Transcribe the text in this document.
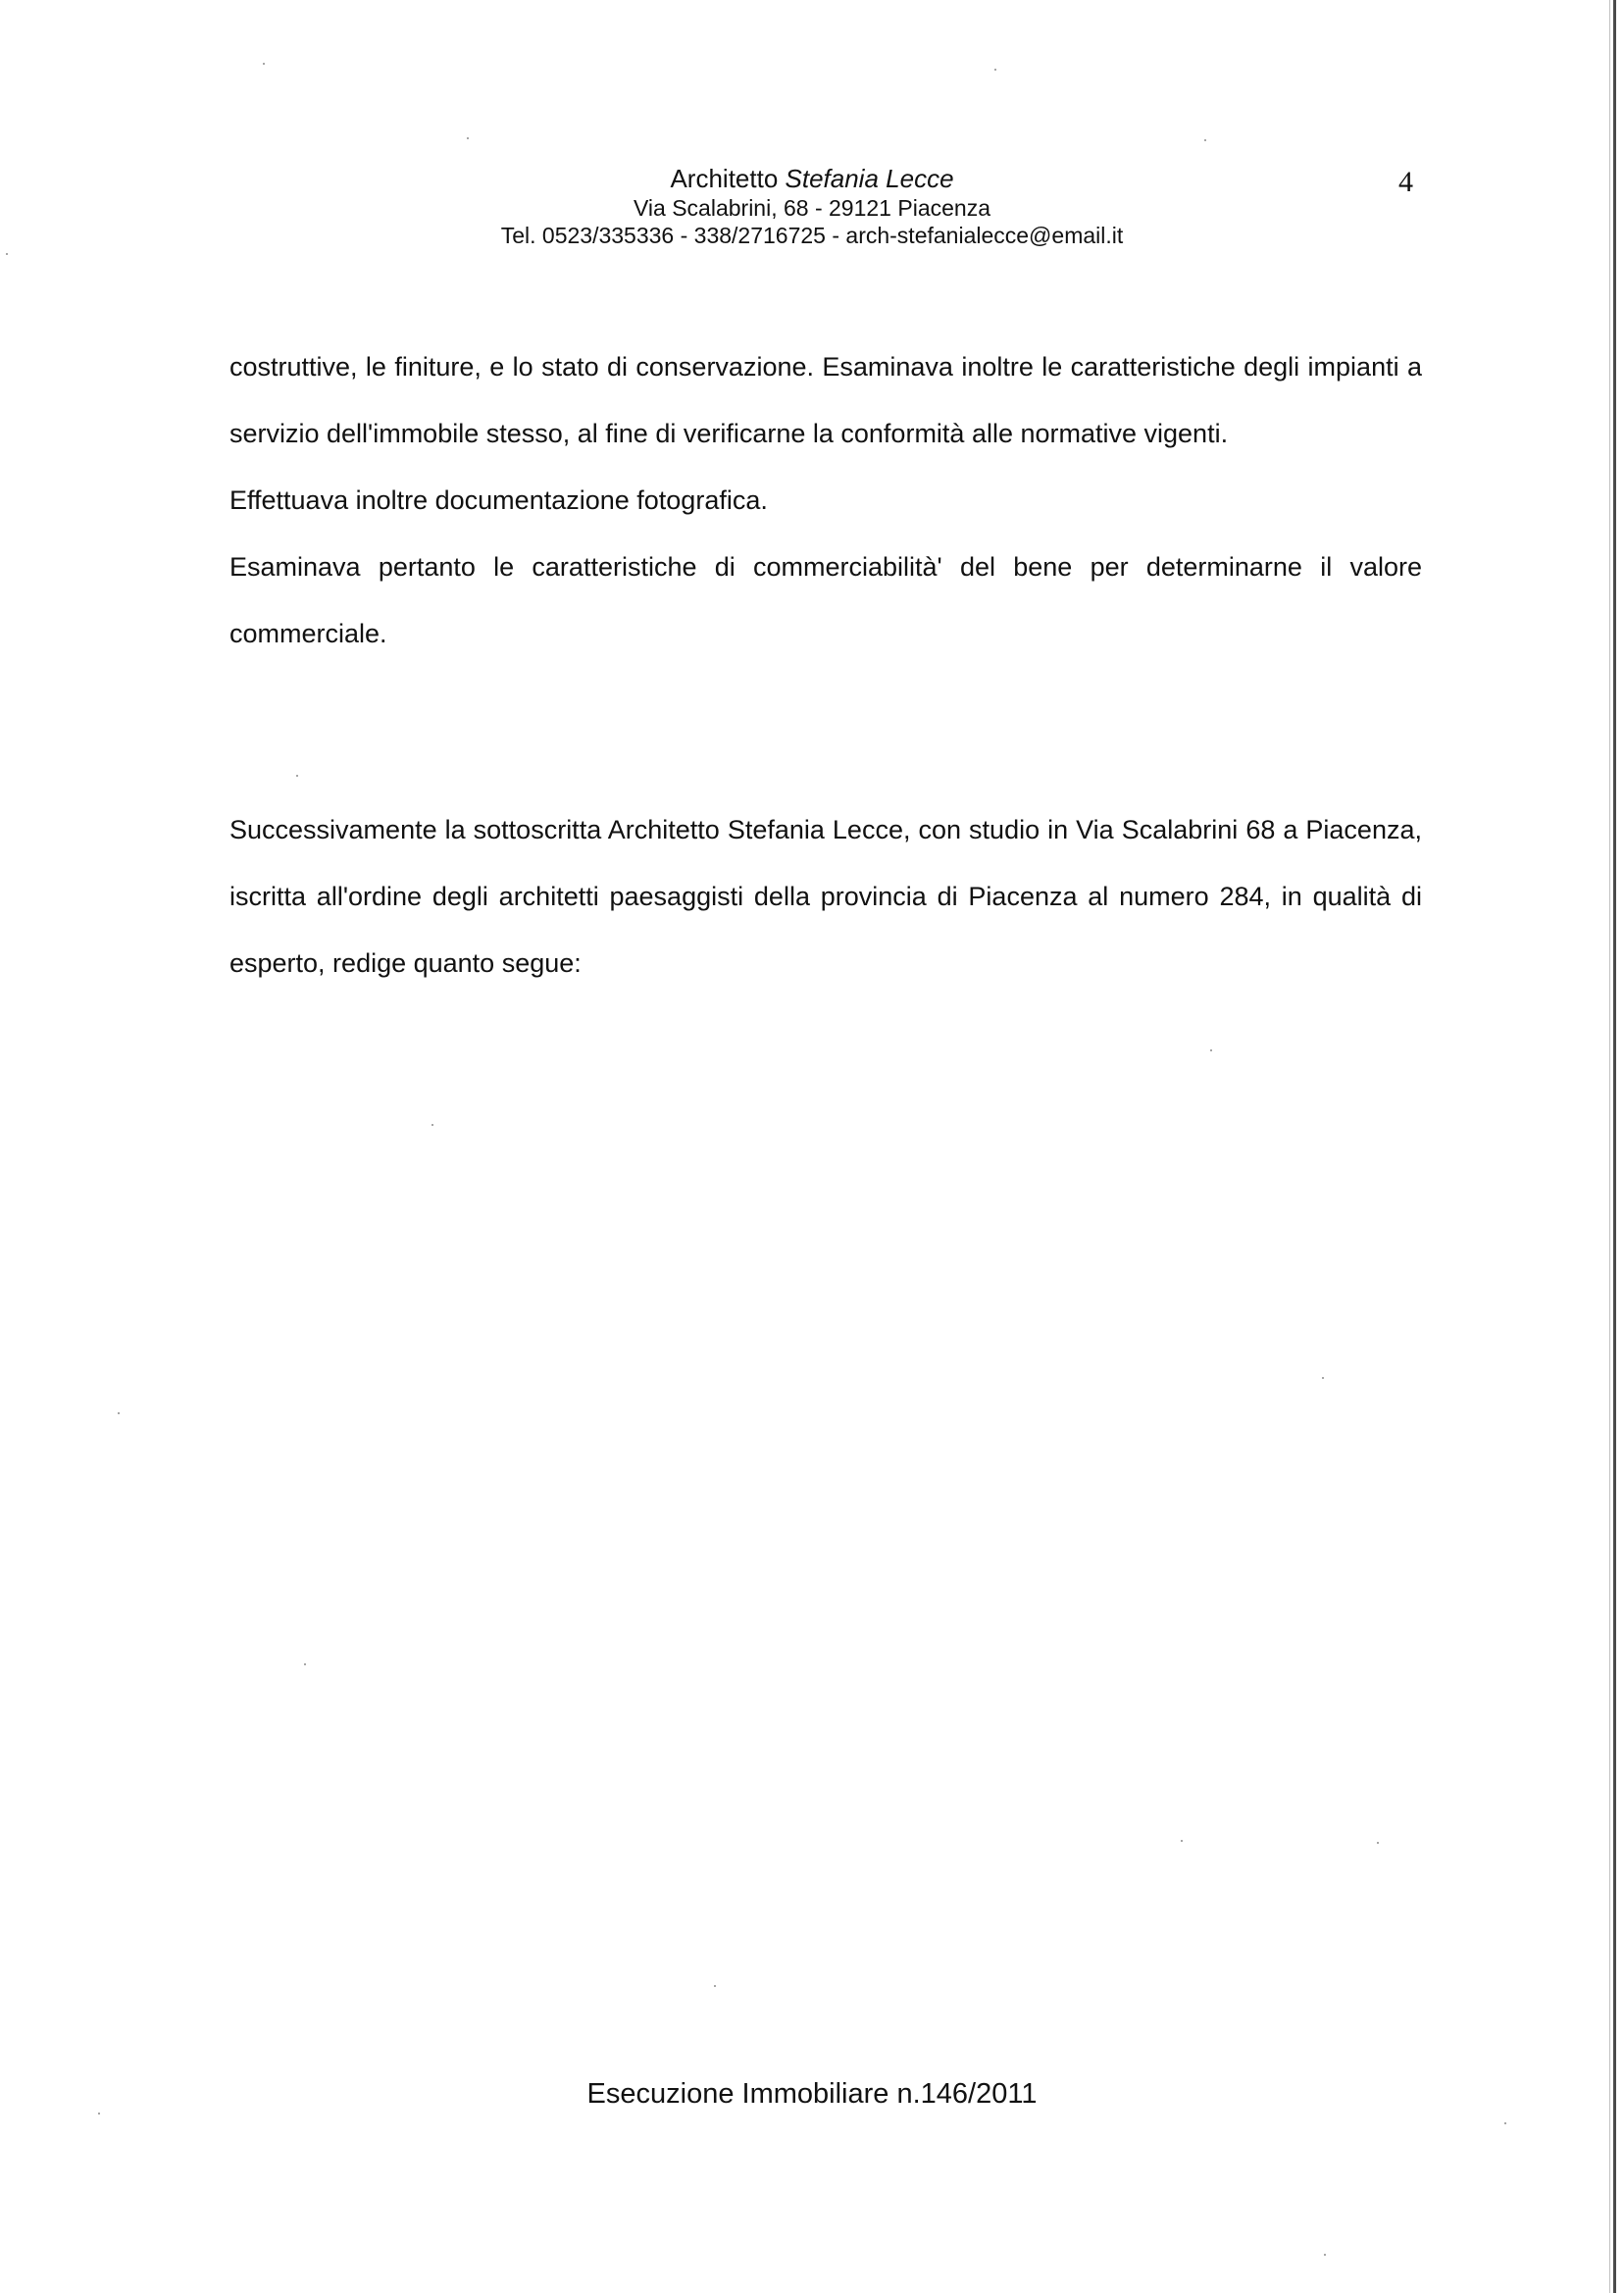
Architetto Stefania Lecce
Via Scalabrini, 68 - 29121 Piacenza
Tel. 0523/335336 - 338/2716725 - arch-stefanialecce@email.it
4

costruttive, le finiture, e lo stato di conservazione. Esaminava inoltre le caratteristiche degli impianti a servizio dell'immobile stesso, al fine di verificarne la conformità alle normative vigenti.

Effettuava inoltre documentazione fotografica.

Esaminava pertanto le caratteristiche di commerciabilità' del bene per determinarne il valore commerciale.

Successivamente la sottoscritta Architetto Stefania Lecce, con studio in Via Scalabrini 68 a Piacenza, iscritta all'ordine degli architetti paesaggisti della provincia di Piacenza al numero 284, in qualità di esperto, redige quanto segue:

Esecuzione Immobiliare n.146/2011
